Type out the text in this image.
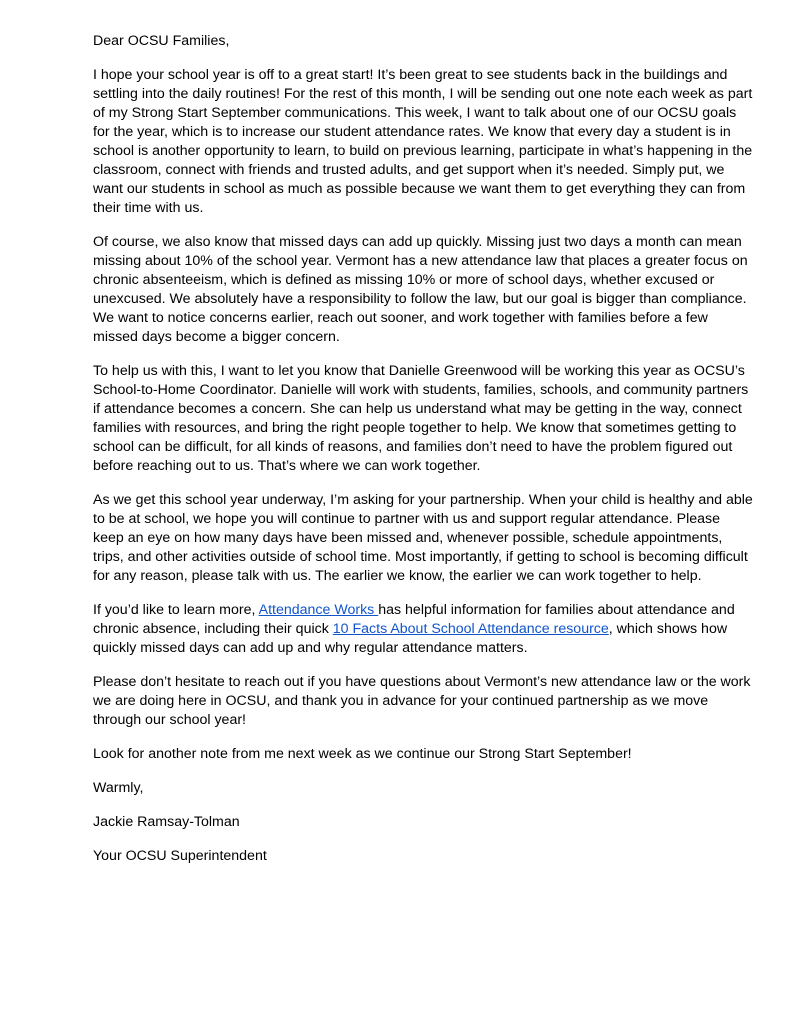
Dear OCSU Families,

I hope your school year is off to a great start! It’s been great to see students back in the buildings and settling into the daily routines! For the rest of this month, I will be sending out one note each week as part of my Strong Start September communications. This week, I want to talk about one of our OCSU goals for the year, which is to increase our student attendance rates. We know that every day a student is in school is another opportunity to learn, to build on previous learning, participate in what’s happening in the classroom, connect with friends and trusted adults, and get support when it’s needed. Simply put, we want our students in school as much as possible because we want them to get everything they can from their time with us.

Of course, we also know that missed days can add up quickly. Missing just two days a month can mean missing about 10% of the school year. Vermont has a new attendance law that places a greater focus on chronic absenteeism, which is defined as missing 10% or more of school days, whether excused or unexcused. We absolutely have a responsibility to follow the law, but our goal is bigger than compliance. We want to notice concerns earlier, reach out sooner, and work together with families before a few missed days become a bigger concern.

To help us with this, I want to let you know that Danielle Greenwood will be working this year as OCSU’s School-to-Home Coordinator. Danielle will work with students, families, schools, and community partners if attendance becomes a concern. She can help us understand what may be getting in the way, connect families with resources, and bring the right people together to help. We know that sometimes getting to school can be difficult, for all kinds of reasons, and families don’t need to have the problem figured out before reaching out to us. That’s where we can work together.

As we get this school year underway, I’m asking for your partnership. When your child is healthy and able to be at school, we hope you will continue to partner with us and support regular attendance. Please keep an eye on how many days have been missed and, whenever possible, schedule appointments, trips, and other activities outside of school time. Most importantly, if getting to school is becoming difficult for any reason, please talk with us. The earlier we know, the earlier we can work together to help.

If you’d like to learn more, Attendance Works has helpful information for families about attendance and chronic absence, including their quick 10 Facts About School Attendance resource, which shows how quickly missed days can add up and why regular attendance matters.

Please don’t hesitate to reach out if you have questions about Vermont’s new attendance law or the work we are doing here in OCSU, and thank you in advance for your continued partnership as we move through our school year!

Look for another note from me next week as we continue our Strong Start September!

Warmly,

Jackie Ramsay-Tolman

Your OCSU Superintendent
